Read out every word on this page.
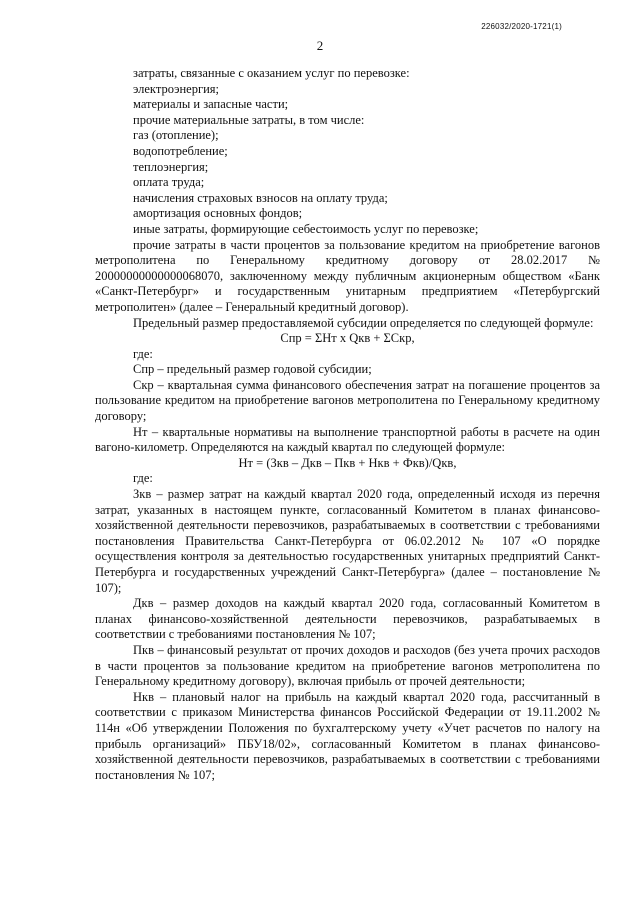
226032/2020-1721(1)
2

затраты, связанные с оказанием услуг по перевозке:

электроэнергия;

материалы и запасные части;

прочие материальные затраты, в том числе:

газ (отопление);

водопотребление;

теплоэнергия;

оплата труда;

начисления страховых взносов на оплату труда;

амортизация основных фондов;

иные затраты, формирующие себестоимость услуг по перевозке;

прочие затраты в части процентов за пользование кредитом на приобретение вагонов метрополитена по Генеральному кредитному договору от 28.02.2017 № 20000000000000068070, заключенному между публичным акционерным обществом «Банк «Санкт-Петербург» и государственным унитарным предприятием «Петербургский метрополитен» (далее – Генеральный кредитный договор).

Предельный размер предоставляемой субсидии определяется по следующей формуле:

Спр = ΣНт x Qкв + ΣСкр,

где:

Спр – предельный размер годовой субсидии;

Скр – квартальная сумма финансового обеспечения затрат на погашение процентов за пользование кредитом на приобретение вагонов метрополитена по Генеральному кредитному договору;

Нт – квартальные нормативы на выполнение транспортной работы в расчете на один вагоно-километр. Определяются на каждый квартал по следующей формуле:

Нт = (Зкв – Дкв – Пкв + Нкв + Фкв)/Qкв,

где:

Зкв – размер затрат на каждый квартал 2020 года, определенный исходя из перечня затрат, указанных в настоящем пункте, согласованный Комитетом в планах финансово-хозяйственной деятельности перевозчиков, разрабатываемых в соответствии с требованиями постановления Правительства Санкт-Петербурга от 06.02.2012 № 107 «О порядке осуществления контроля за деятельностью государственных унитарных предприятий Санкт-Петербурга и государственных учреждений Санкт-Петербурга» (далее – постановление № 107);

Дкв – размер доходов на каждый квартал 2020 года, согласованный Комитетом в планах финансово-хозяйственной деятельности перевозчиков, разрабатываемых в соответствии с требованиями постановления № 107;

Пкв – финансовый результат от прочих доходов и расходов (без учета прочих расходов в части процентов за пользование кредитом на приобретение вагонов метрополитена по Генеральному кредитному договору), включая прибыль от прочей деятельности;

Нкв – плановый налог на прибыль на каждый квартал 2020 года, рассчитанный в соответствии с приказом Министерства финансов Российской Федерации от 19.11.2002 № 114н «Об утверждении Положения по бухгалтерскому учету «Учет расчетов по налогу на прибыль организаций» ПБУ18/02», согласованный Комитетом в планах финансово-хозяйственной деятельности перевозчиков, разрабатываемых в соответствии с требованиями постановления № 107;
